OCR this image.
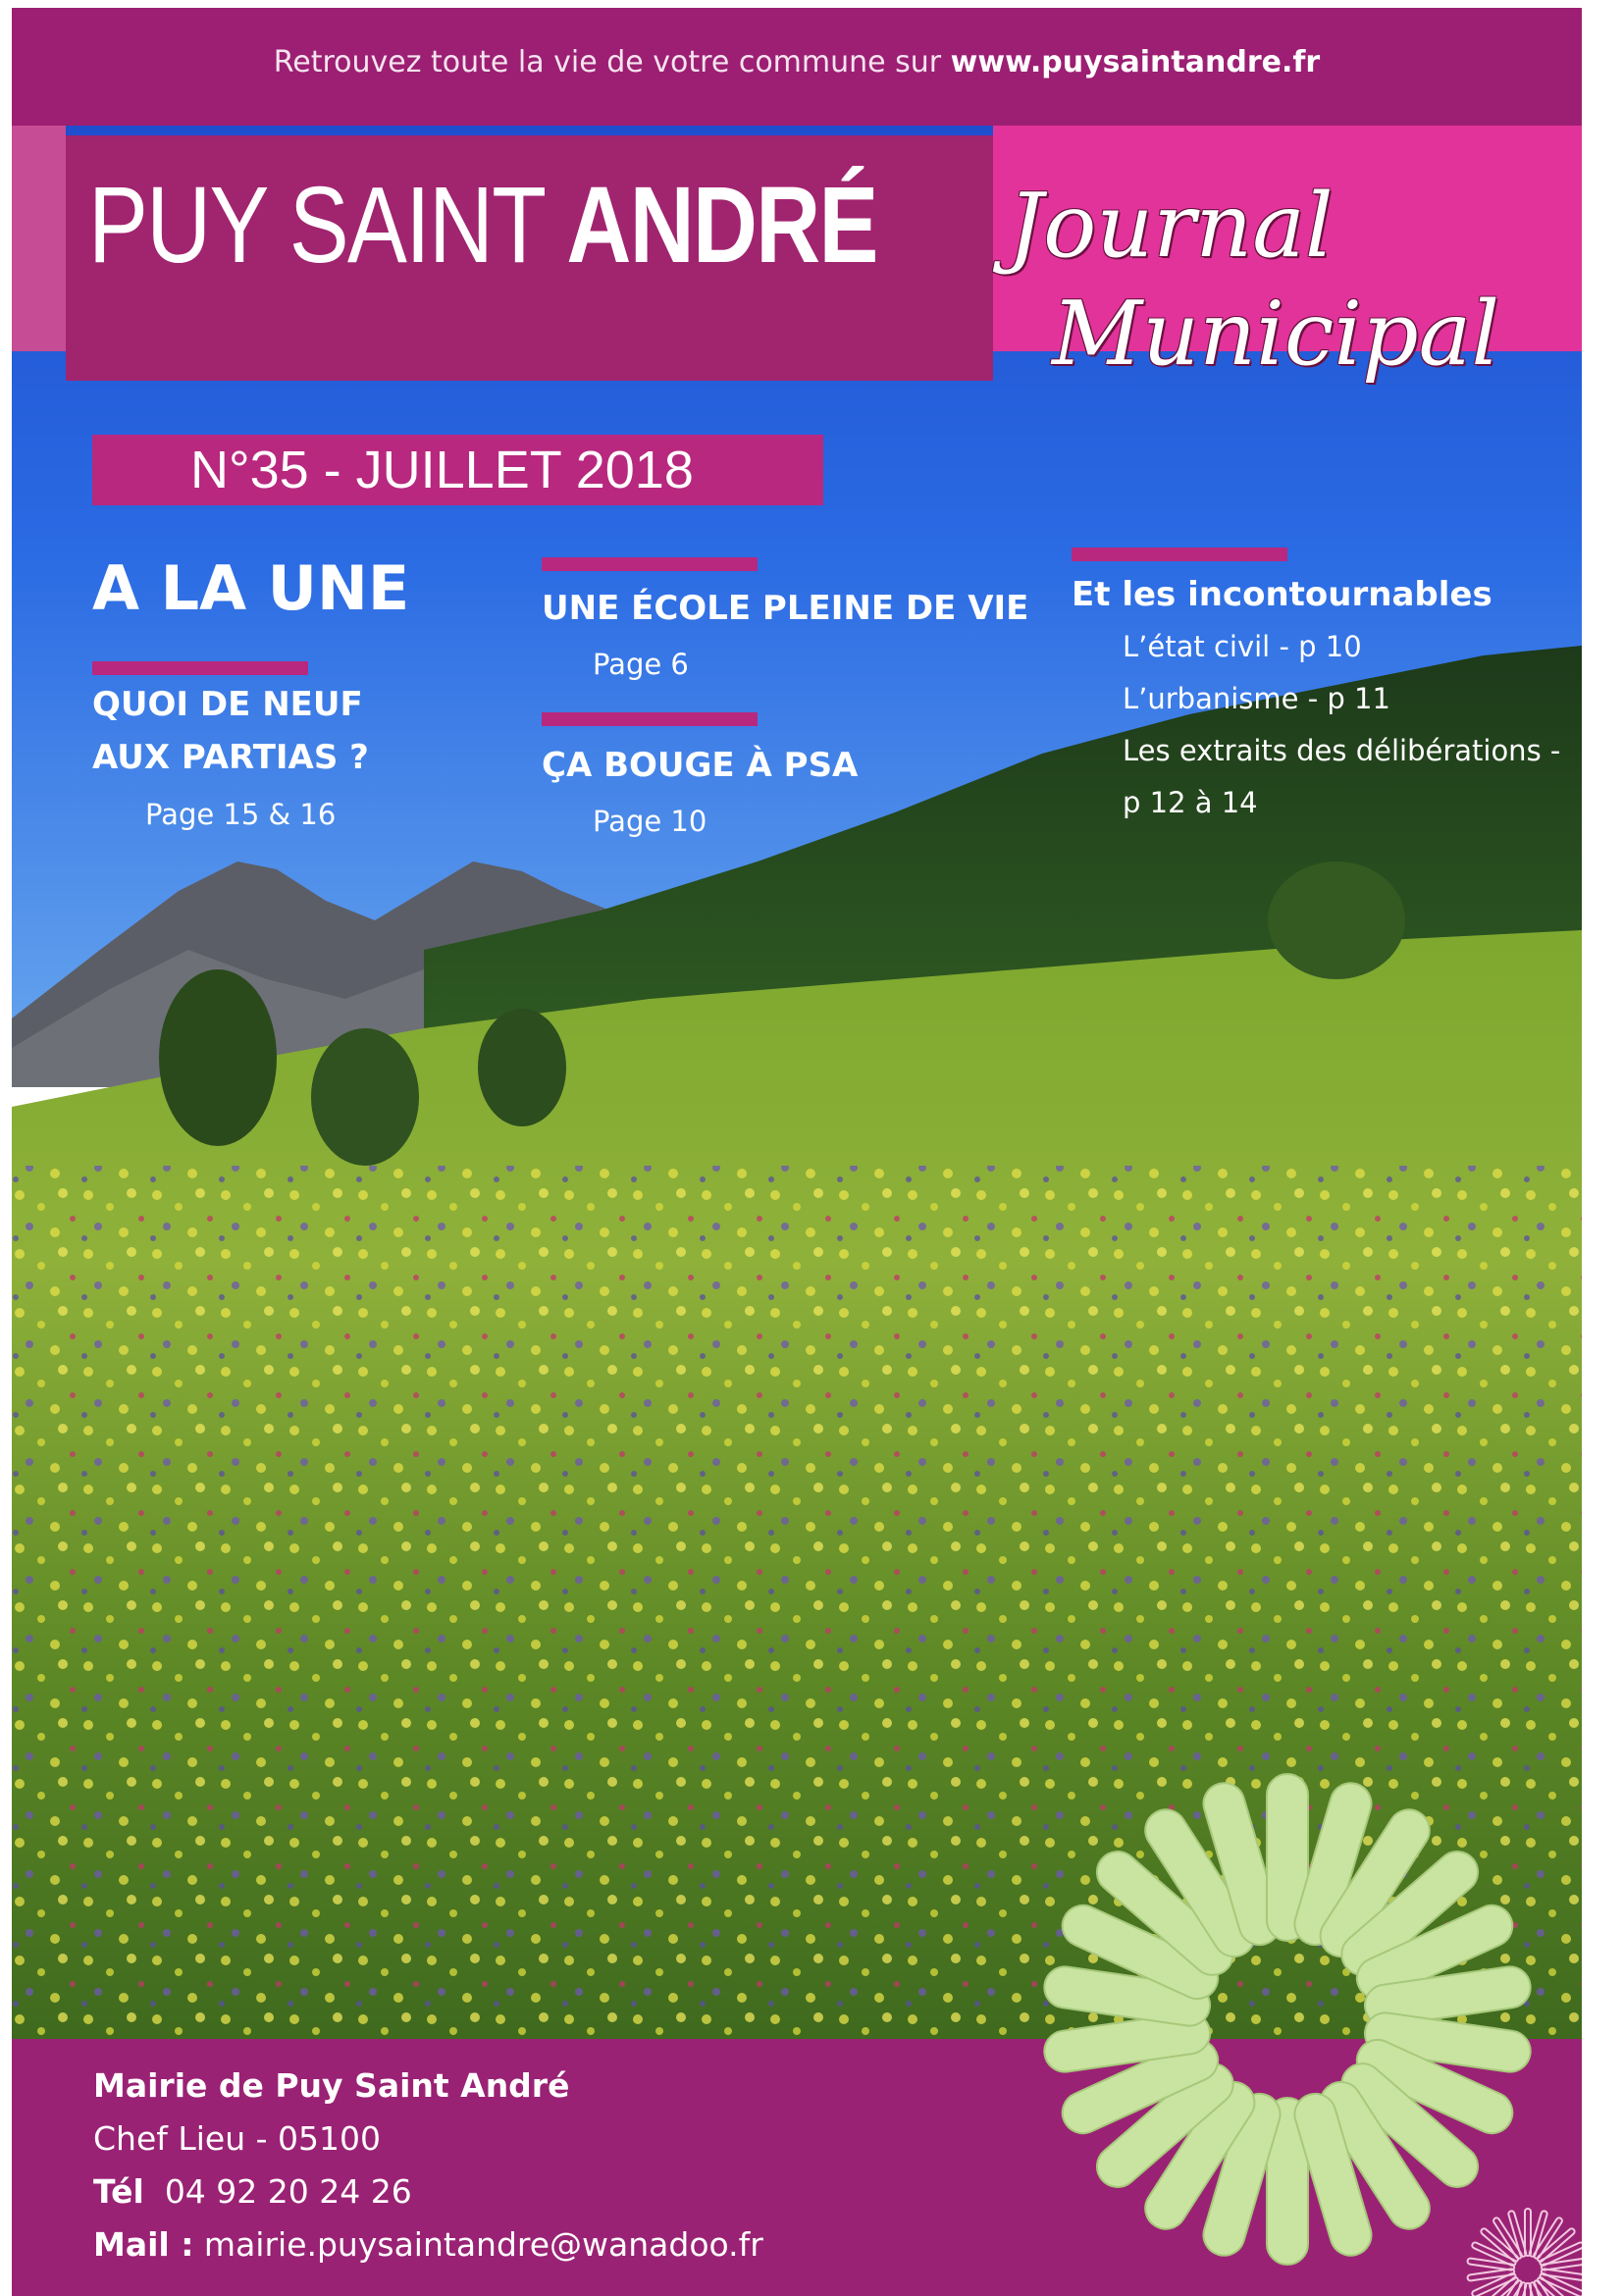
Retrouvez toute la vie de votre commune sur www.puysaintandre.fr
PUY SAINT ANDRÉ Journal
Municipal
N°35 - JUILLET 2018
A LA UNE
QUOI DE NEUF
AUX PARTIAS ?
Page 15 & 16
UNE ÉCOLE PLEINE DE VIE
Page 6
ÇA BOUGE À PSA
Page 10
Et les incontournables
L’état civil - p 10
L’urbanisme - p 11
Les extraits des délibérations -
p 12 à 14
Mairie de Puy Saint André
Chef Lieu - 05100
Tél 04 92 20 24 26
Mail : mairie.puysaintandre@wanadoo.fr
